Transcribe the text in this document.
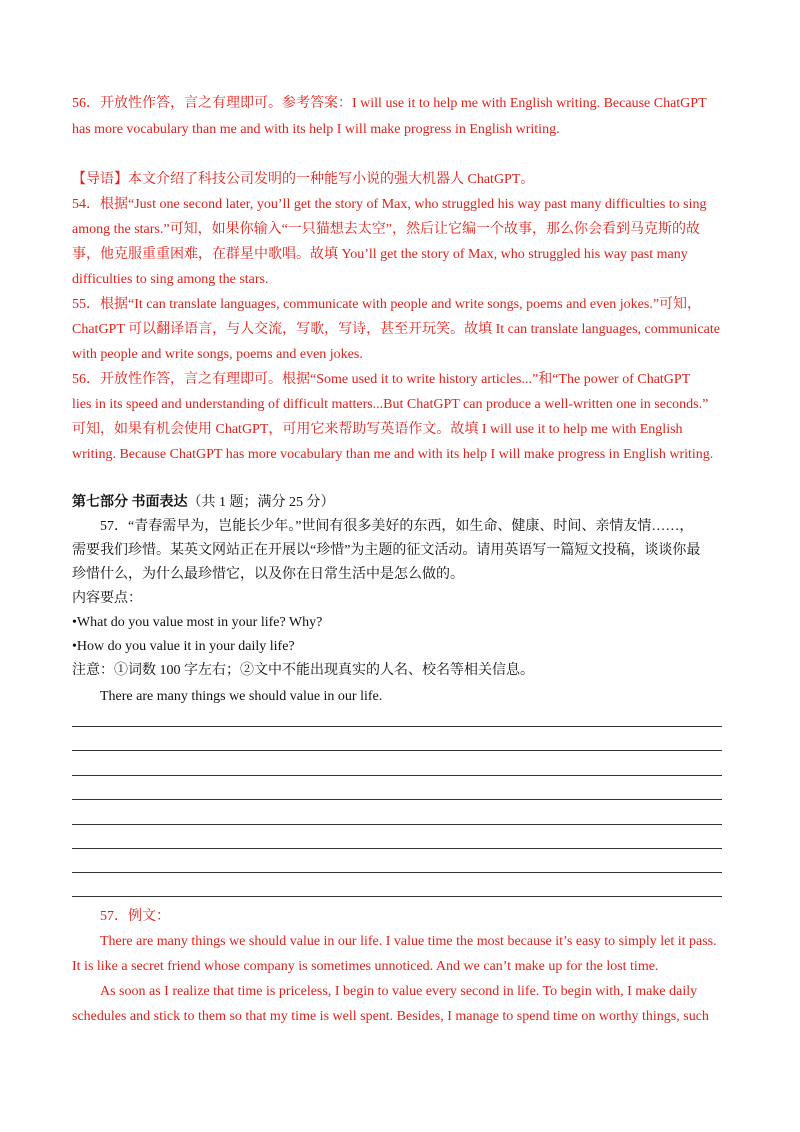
56．开放性作答，言之有理即可。参考答案：I will use it to help me with English writing. Because ChatGPT
has more vocabulary than me and with its help I will make progress in English writing.
【导语】本文介绍了科技公司发明的一种能写小说的强大机器人 ChatGPT。
54．根据“Just one second later, you’ll get the story of Max, who struggled his way past many difficulties to sing
among the stars.”可知，如果你输入“一只猫想去太空”，然后让它编一个故事，那么你会看到马克斯的故
事，他克服重重困难，在群星中歌唱。故填 You’ll get the story of Max, who struggled his way past many
difficulties to sing among the stars.
55．根据“It can translate languages, communicate with people and write songs, poems and even jokes.”可知，
ChatGPT 可以翻译语言，与人交流，写歌，写诗，甚至开玩笑。故填 It can translate languages, communicate
with people and write songs, poems and even jokes.
56．开放性作答，言之有理即可。根据“Some used it to write history articles...”和“The power of ChatGPT
lies in its speed and understanding of difficult matters...But ChatGPT can produce a well-written one in seconds.”
可知，如果有机会使用 ChatGPT，可用它来帮助写英语作文。故填 I will use it to help me with English
writing. Because ChatGPT has more vocabulary than me and with its help I will make progress in English writing.
第七部分 书面表达（共 1 题；满分 25 分）
57．“青春需早为，岂能长少年。”世间有很多美好的东西，如生命、健康、时间、亲情友情……，
需要我们珍惜。某英文网站正在开展以“珍惜”为主题的征文活动。请用英语写一篇短文投稿，谈谈你最
珍惜什么，为什么最珍惜它，以及你在日常生活中是怎么做的。
内容要点：
•What do you value most in your life? Why?
•How do you value it in your daily life?
注意：①词数 100 字左右；②文中不能出现真实的人名、校名等相关信息。
There are many things we should value in our life.
57．例文：
There are many things we should value in our life. I value time the most because it’s easy to simply let it pass.
It is like a secret friend whose company is sometimes unnoticed. And we can’t make up for the lost time.
As soon as I realize that time is priceless, I begin to value every second in life. To begin with, I make daily
schedules and stick to them so that my time is well spent. Besides, I manage to spend time on worthy things, such
